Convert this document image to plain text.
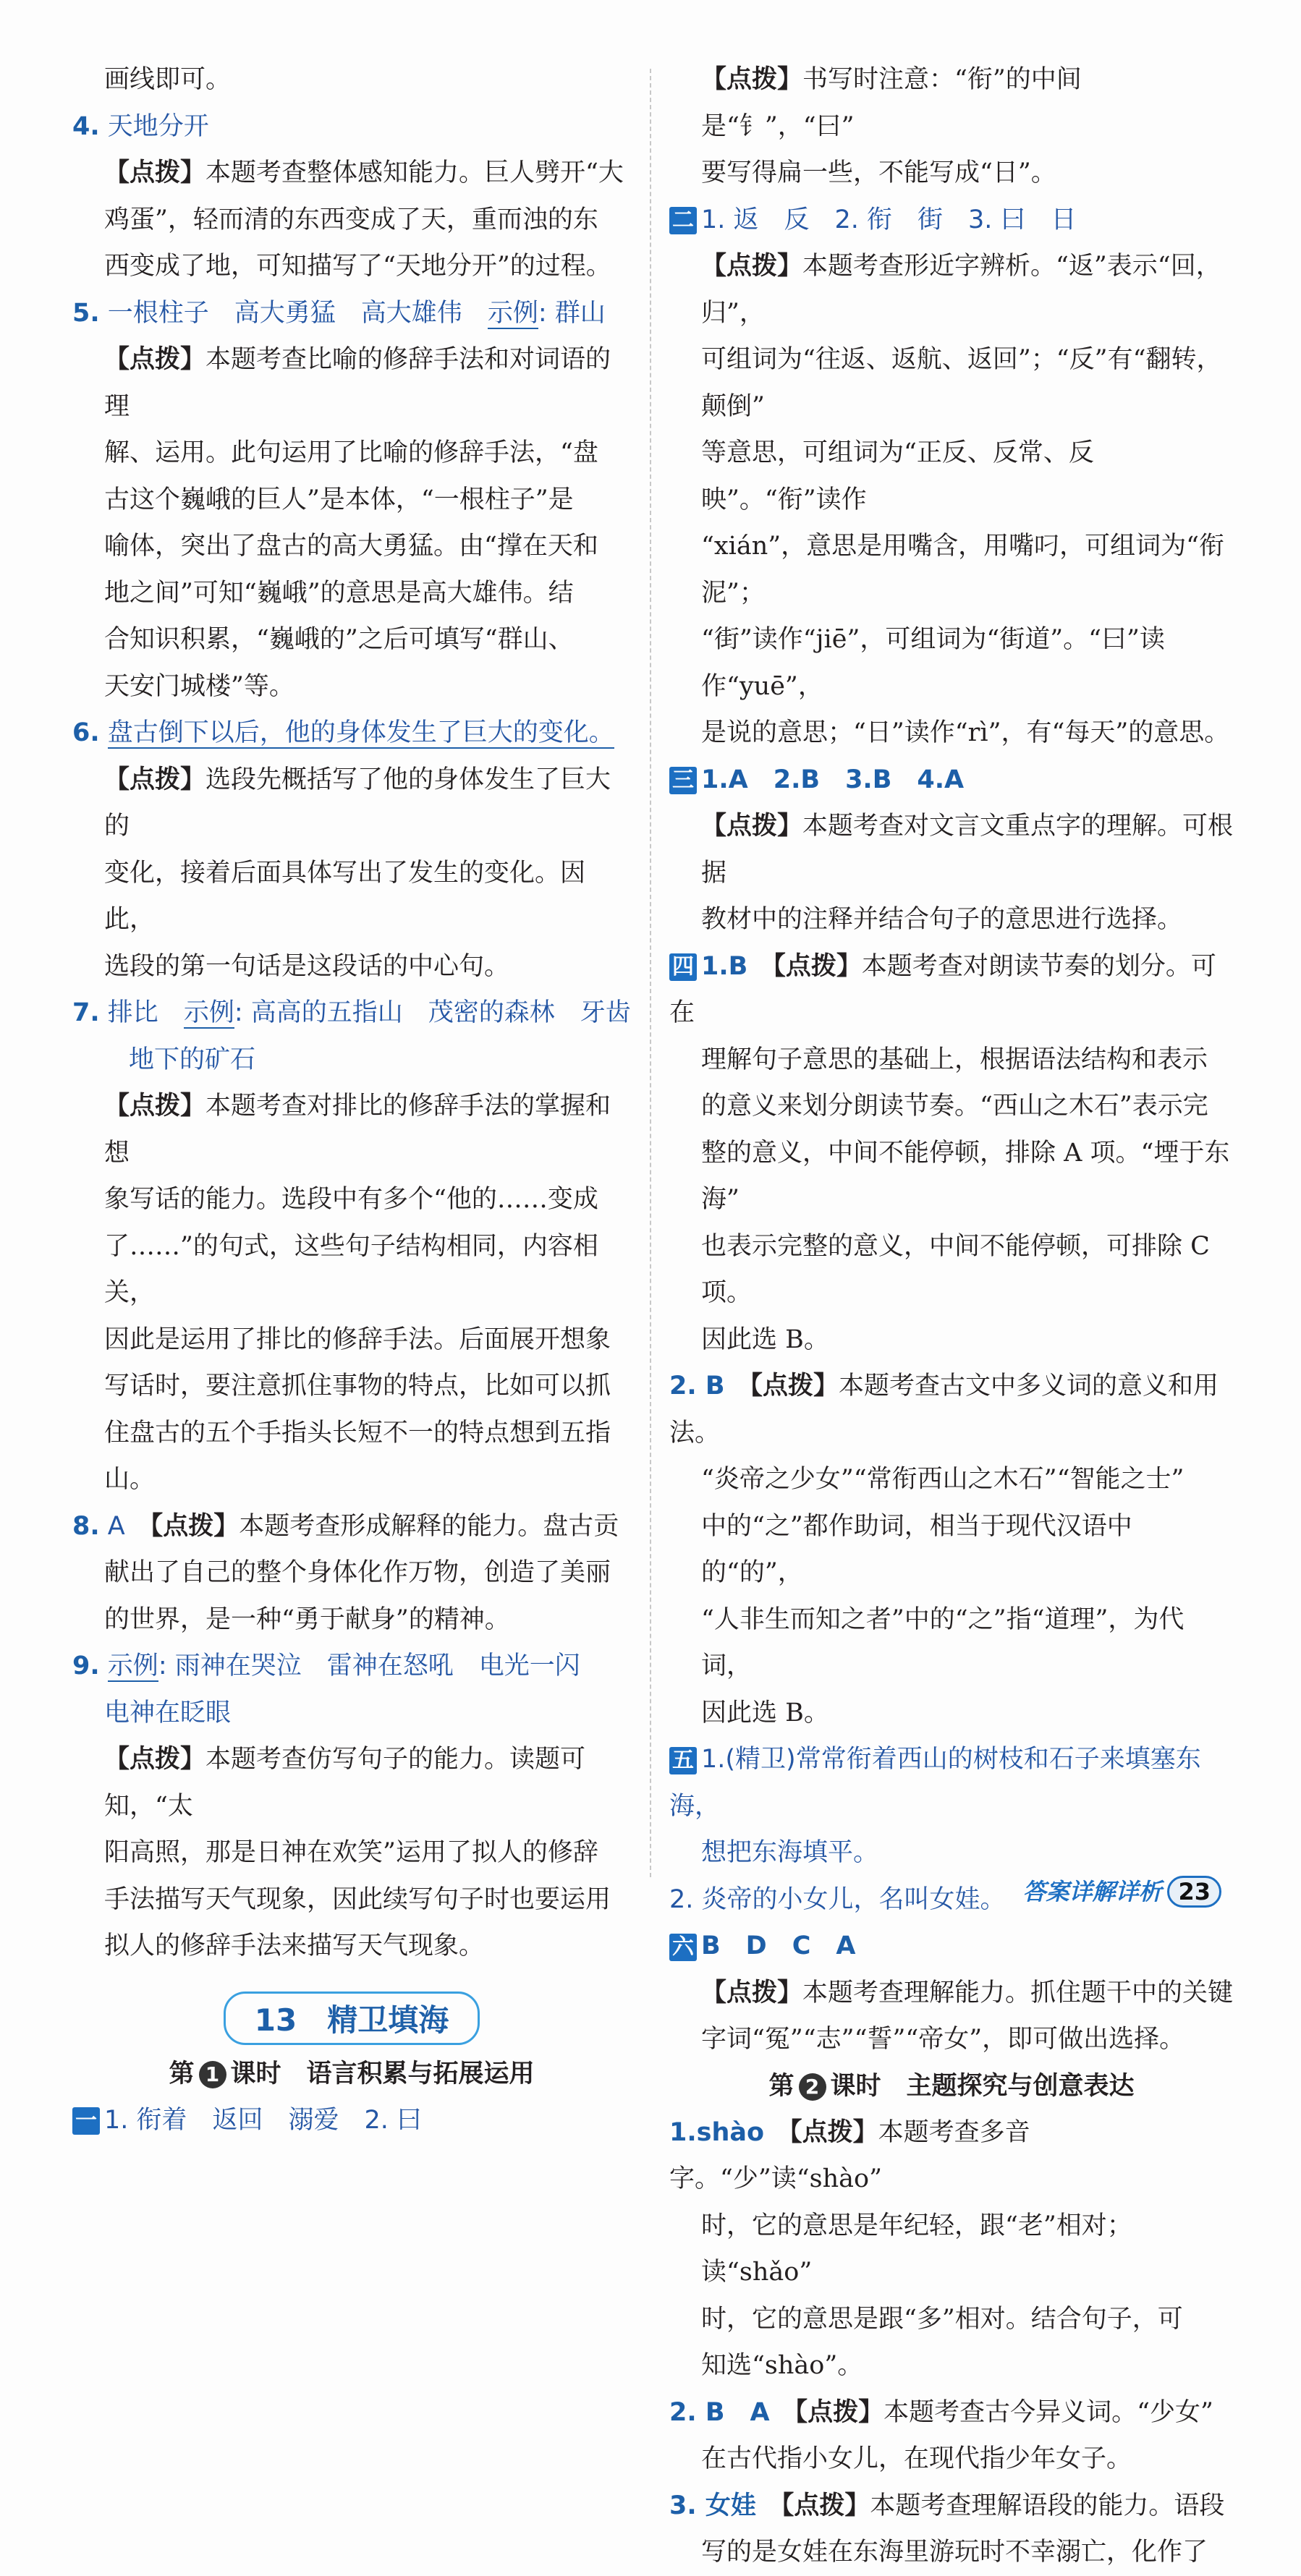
画线即可。

4. 天地分开

【点拨】本题考查整体感知能力。巨人劈开“大

鸡蛋”，轻而清的东西变成了天，重而浊的东

西变成了地，可知描写了“天地分开”的过程。

5. 一根柱子　高大勇猛　高大雄伟　示例: 群山

【点拨】本题考查比喻的修辞手法和对词语的理

解、运用。此句运用了比喻的修辞手法，“盘

古这个巍峨的巨人”是本体，“一根柱子”是

喻体，突出了盘古的高大勇猛。由“撑在天和

地之间”可知“巍峨”的意思是高大雄伟。结

合知识积累，“巍峨的”之后可填写“群山、

天安门城楼”等。

6. 盘古倒下以后，他的身体发生了巨大的变化。

【点拨】选段先概括写了他的身体发生了巨大的

变化，接着后面具体写出了发生的变化。因此，

选段的第一句话是这段话的中心句。

7. 排比　示例: 高高的五指山　茂密的森林　牙齿

地下的矿石

【点拨】本题考查对排比的修辞手法的掌握和想

象写话的能力。选段中有多个“他的……变成

了……”的句式，这些句子结构相同，内容相关，

因此是运用了排比的修辞手法。后面展开想象

写话时，要注意抓住事物的特点，比如可以抓

住盘古的五个手指头长短不一的特点想到五指

山。

8. A　【点拨】本题考查形成解释的能力。盘古贡

献出了自己的整个身体化作万物，创造了美丽

的世界，是一种“勇于献身”的精神。

9. 示例: 雨神在哭泣　雷神在怒吼　电光一闪

电神在眨眼

【点拨】本题考查仿写句子的能力。读题可知，“太

阳高照，那是日神在欢笑”运用了拟人的修辞

手法描写天气现象，因此续写句子时也要运用

拟人的修辞手法来描写天气现象。

13　精卫填海
第 1 课时　语言积累与拓展运用

一 1. 衔着　返回　溺爱　2. 曰

【点拨】书写时注意：“衔”的中间是“钅”，“曰”

要写得扁一些，不能写成“日”。

二 1. 返　反　2. 衔　街　3. 曰　日

【点拨】本题考查形近字辨析。“返”表示“回，归”，

可组词为“往返、返航、返回”；“反”有“翻转，颠倒”

等意思，可组词为“正反、反常、反映”。“衔”读作

“xián”，意思是用嘴含，用嘴叼，可组词为“衔泥”；

“街”读作“jiē”，可组词为“街道”。“曰”读作“yuē”，

是说的意思；“日”读作“rì”，有“每天”的意思。

三 1.A　2.B　3.B　4.A

【点拨】本题考查对文言文重点字的理解。可根据

教材中的注释并结合句子的意思进行选择。

四 1.B　【点拨】本题考查对朗读节奏的划分。可在

理解句子意思的基础上，根据语法结构和表示

的意义来划分朗读节奏。“西山之木石”表示完

整的意义，中间不能停顿，排除 A 项。“堙于东海”

也表示完整的意义，中间不能停顿，可排除 C 项。

因此选 B。

2. B　【点拨】本题考查古文中多义词的意义和用法。

“炎帝之少女”“常衔西山之木石”“智能之士”

中的“之”都作助词，相当于现代汉语中的“的”，

“人非生而知之者”中的“之”指“道理”，为代词，

因此选 B。

五 1.(精卫)常常衔着西山的树枝和石子来填塞东海，

想把东海填平。

2. 炎帝的小女儿，名叫女娃。

六 B　D　C　A

【点拨】本题考查理解能力。抓住题干中的关键

字词“冤”“志”“誓”“帝女”，即可做出选择。

第 2 课时　主题探究与创意表达

1.shào　【点拨】本题考查多音字。“少”读“shào”

时，它的意思是年纪轻，跟“老”相对；读“shǎo”

时，它的意思是跟“多”相对。结合句子，可

知选“shào”。

2. B　A　【点拨】本题考查古今异义词。“少女”

在古代指小女儿，在现代指少年女子。

3. 女娃　【点拨】本题考查理解语段的能力。语段

写的是女娃在东海里游玩时不幸溺亡，化作了

答案详解详析 23
